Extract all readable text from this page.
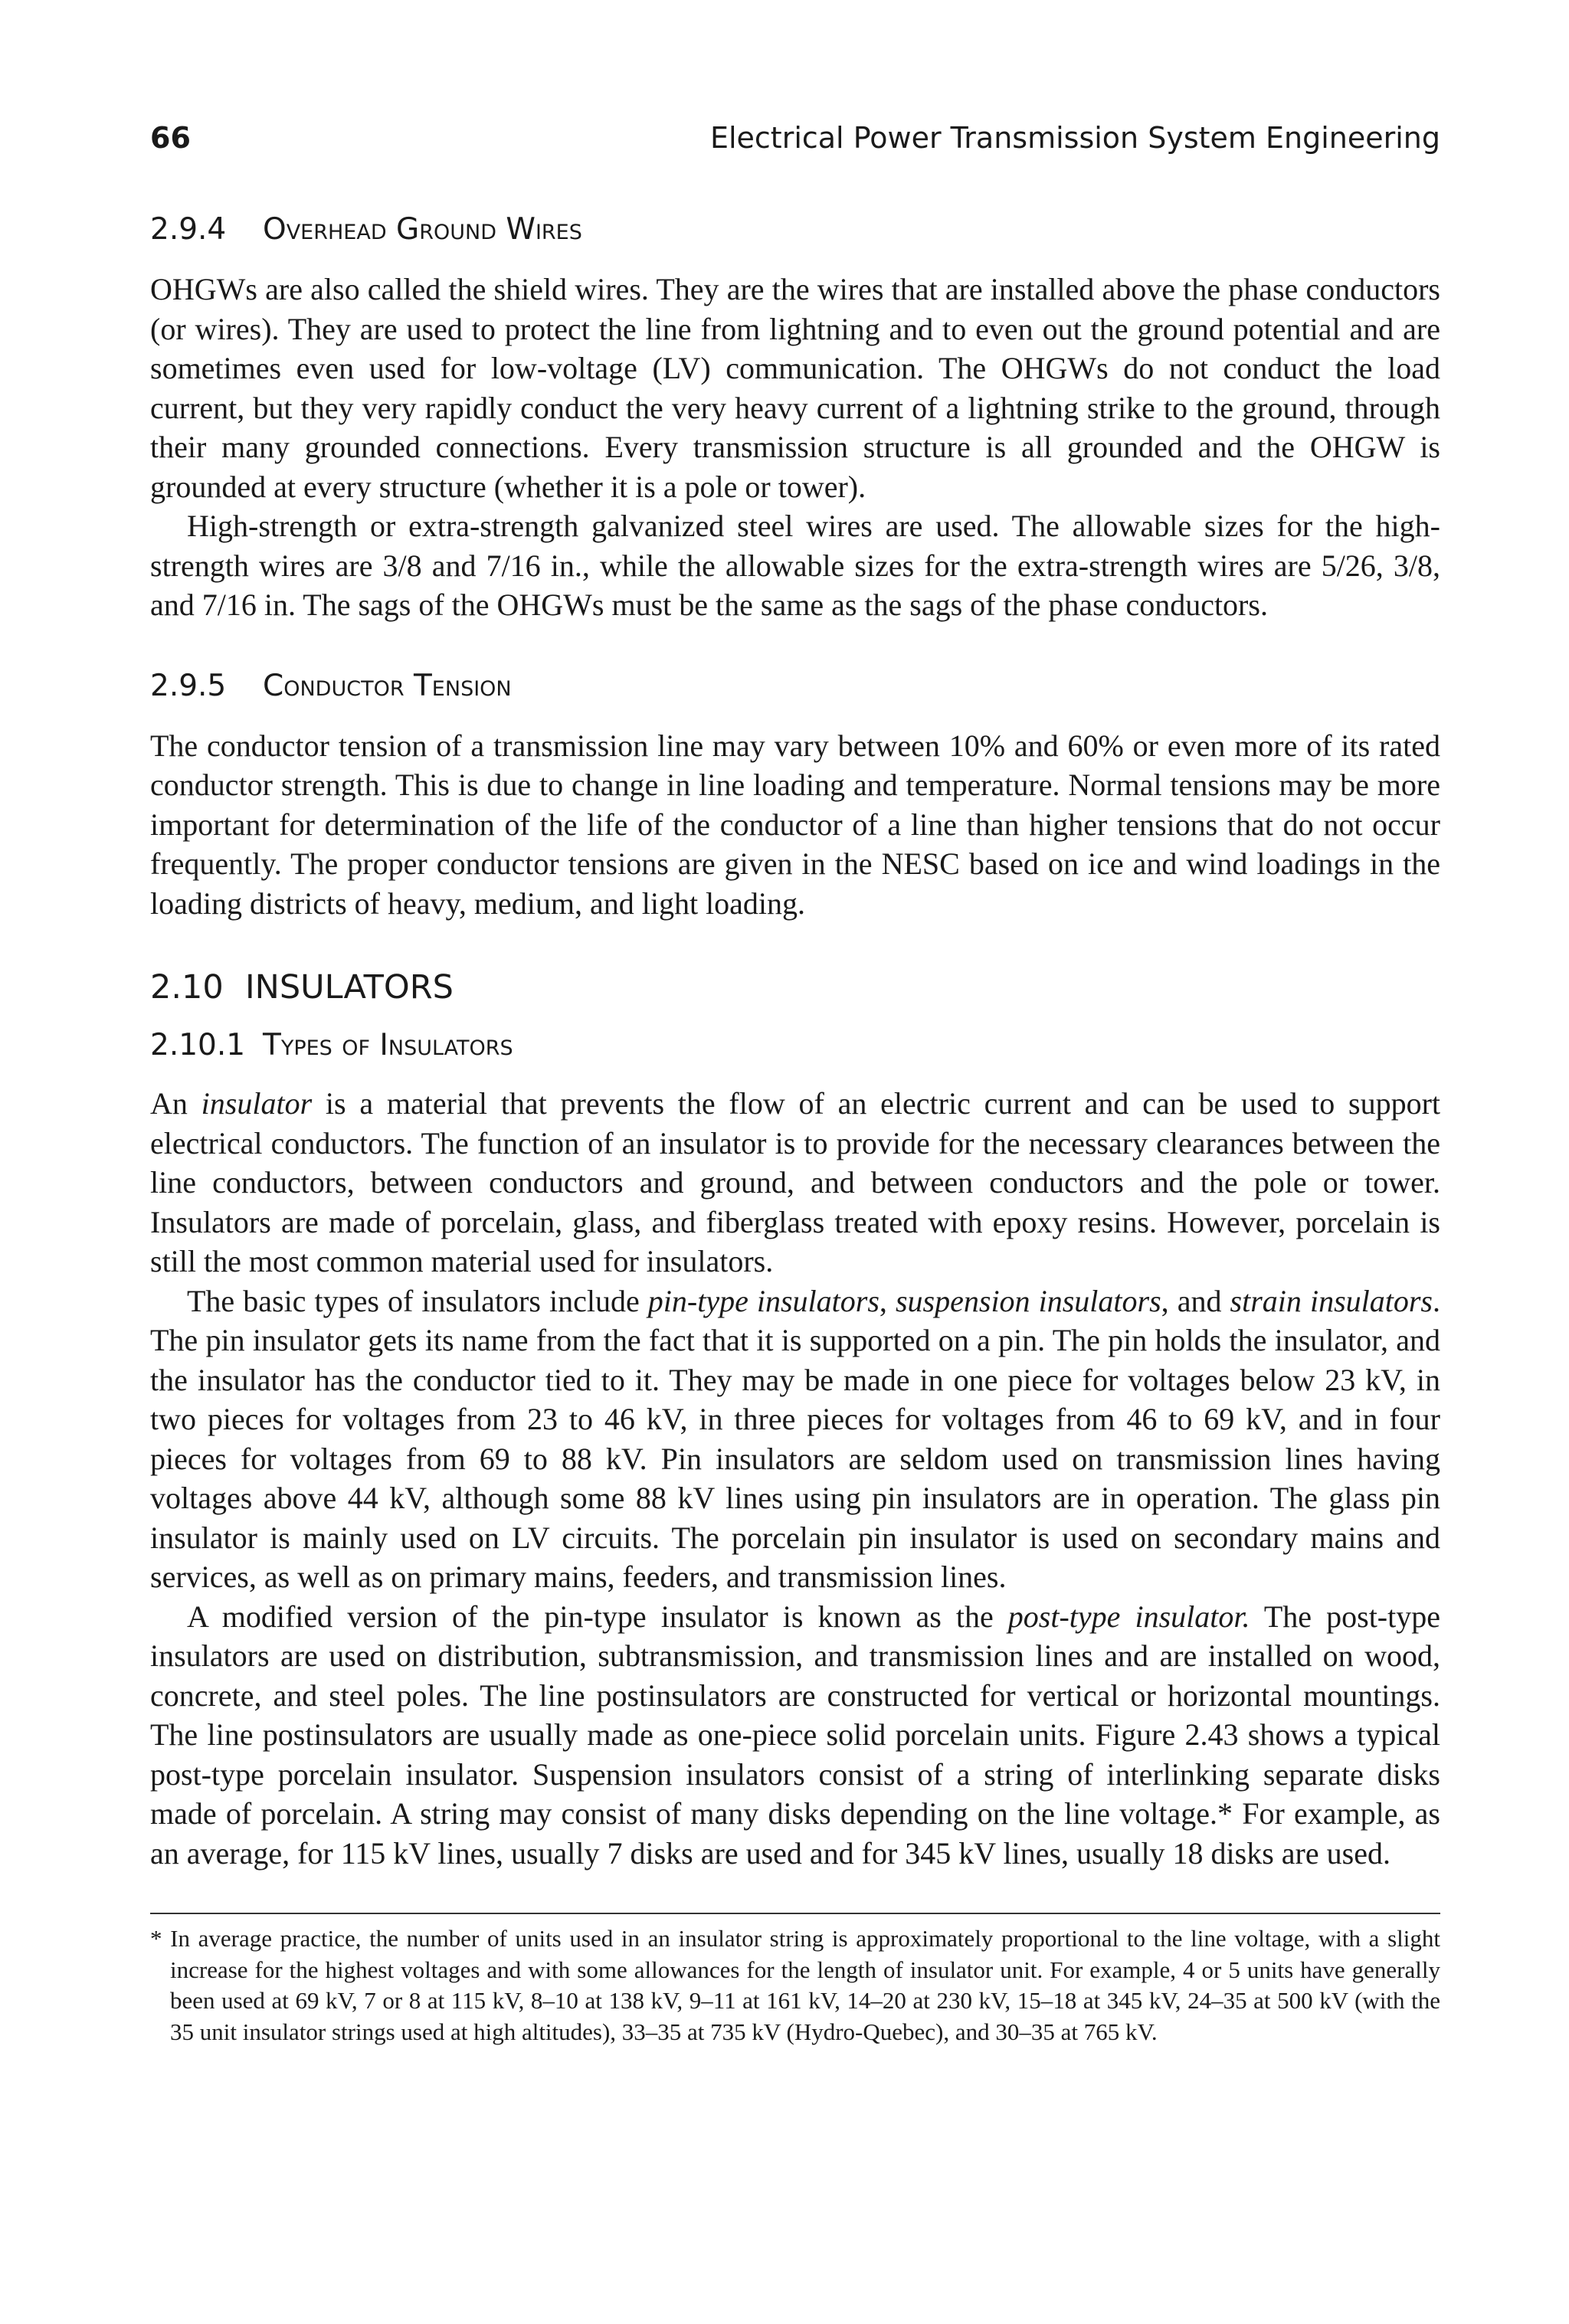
66	Electrical Power Transmission System Engineering
2.9.4	Overhead Ground Wires

OHGWs are also called the shield wires. They are the wires that are installed above the phase conductors (or wires). They are used to protect the line from lightning and to even out the ground potential and are sometimes even used for low-voltage (LV) communication. The OHGWs do not conduct the load current, but they very rapidly conduct the very heavy current of a lightning strike to the ground, through their many grounded connections. Every transmission structure is all grounded and the OHGW is grounded at every structure (whether it is a pole or tower).

High-strength or extra-strength galvanized steel wires are used. The allowable sizes for the high-strength wires are 3/8 and 7/16 in., while the allowable sizes for the extra-strength wires are 5/26, 3/8, and 7/16 in. The sags of the OHGWs must be the same as the sags of the phase conductors.

2.9.5	Conductor Tension

The conductor tension of a transmission line may vary between 10% and 60% or even more of its rated conductor strength. This is due to change in line loading and temperature. Normal tensions may be more important for determination of the life of the conductor of a line than higher tensions that do not occur frequently. The proper conductor tensions are given in the NESC based on ice and wind loadings in the loading districts of heavy, medium, and light loading.

2.10 INSULATORS
2.10.1 Types of Insulators

An insulator is a material that prevents the flow of an electric current and can be used to support electrical conductors. The function of an insulator is to provide for the necessary clearances between the line conductors, between conductors and ground, and between conductors and the pole or tower. Insulators are made of porcelain, glass, and fiberglass treated with epoxy resins. However, porcelain is still the most common material used for insulators.

The basic types of insulators include pin-type insulators, suspension insulators, and strain insulators. The pin insulator gets its name from the fact that it is supported on a pin. The pin holds the insulator, and the insulator has the conductor tied to it. They may be made in one piece for voltages below 23 kV, in two pieces for voltages from 23 to 46 kV, in three pieces for voltages from 46 to 69 kV, and in four pieces for voltages from 69 to 88 kV. Pin insulators are seldom used on transmission lines having voltages above 44 kV, although some 88 kV lines using pin insulators are in operation. The glass pin insulator is mainly used on LV circuits. The porcelain pin insulator is used on secondary mains and services, as well as on primary mains, feeders, and transmission lines.

A modified version of the pin-type insulator is known as the post-type insulator. The post-type insulators are used on distribution, subtransmission, and transmission lines and are installed on wood, concrete, and steel poles. The line postinsulators are constructed for vertical or horizontal mountings. The line postinsulators are usually made as one-piece solid porcelain units. Figure 2.43 shows a typical post-type porcelain insulator. Suspension insulators consist of a string of interlinking separate disks made of porcelain. A string may consist of many disks depending on the line voltage.* For example, as an average, for 115 kV lines, usually 7 disks are used and for 345 kV lines, usually 18 disks are used.

* In average practice, the number of units used in an insulator string is approximately proportional to the line voltage, with a slight increase for the highest voltages and with some allowances for the length of insulator unit. For example, 4 or 5 units have generally been used at 69 kV, 7 or 8 at 115 kV, 8–10 at 138 kV, 9–11 at 161 kV, 14–20 at 230 kV, 15–18 at 345 kV, 24–35 at 500 kV (with the 35 unit insulator strings used at high altitudes), 33–35 at 735 kV (Hydro-Quebec), and 30–35 at 765 kV.
